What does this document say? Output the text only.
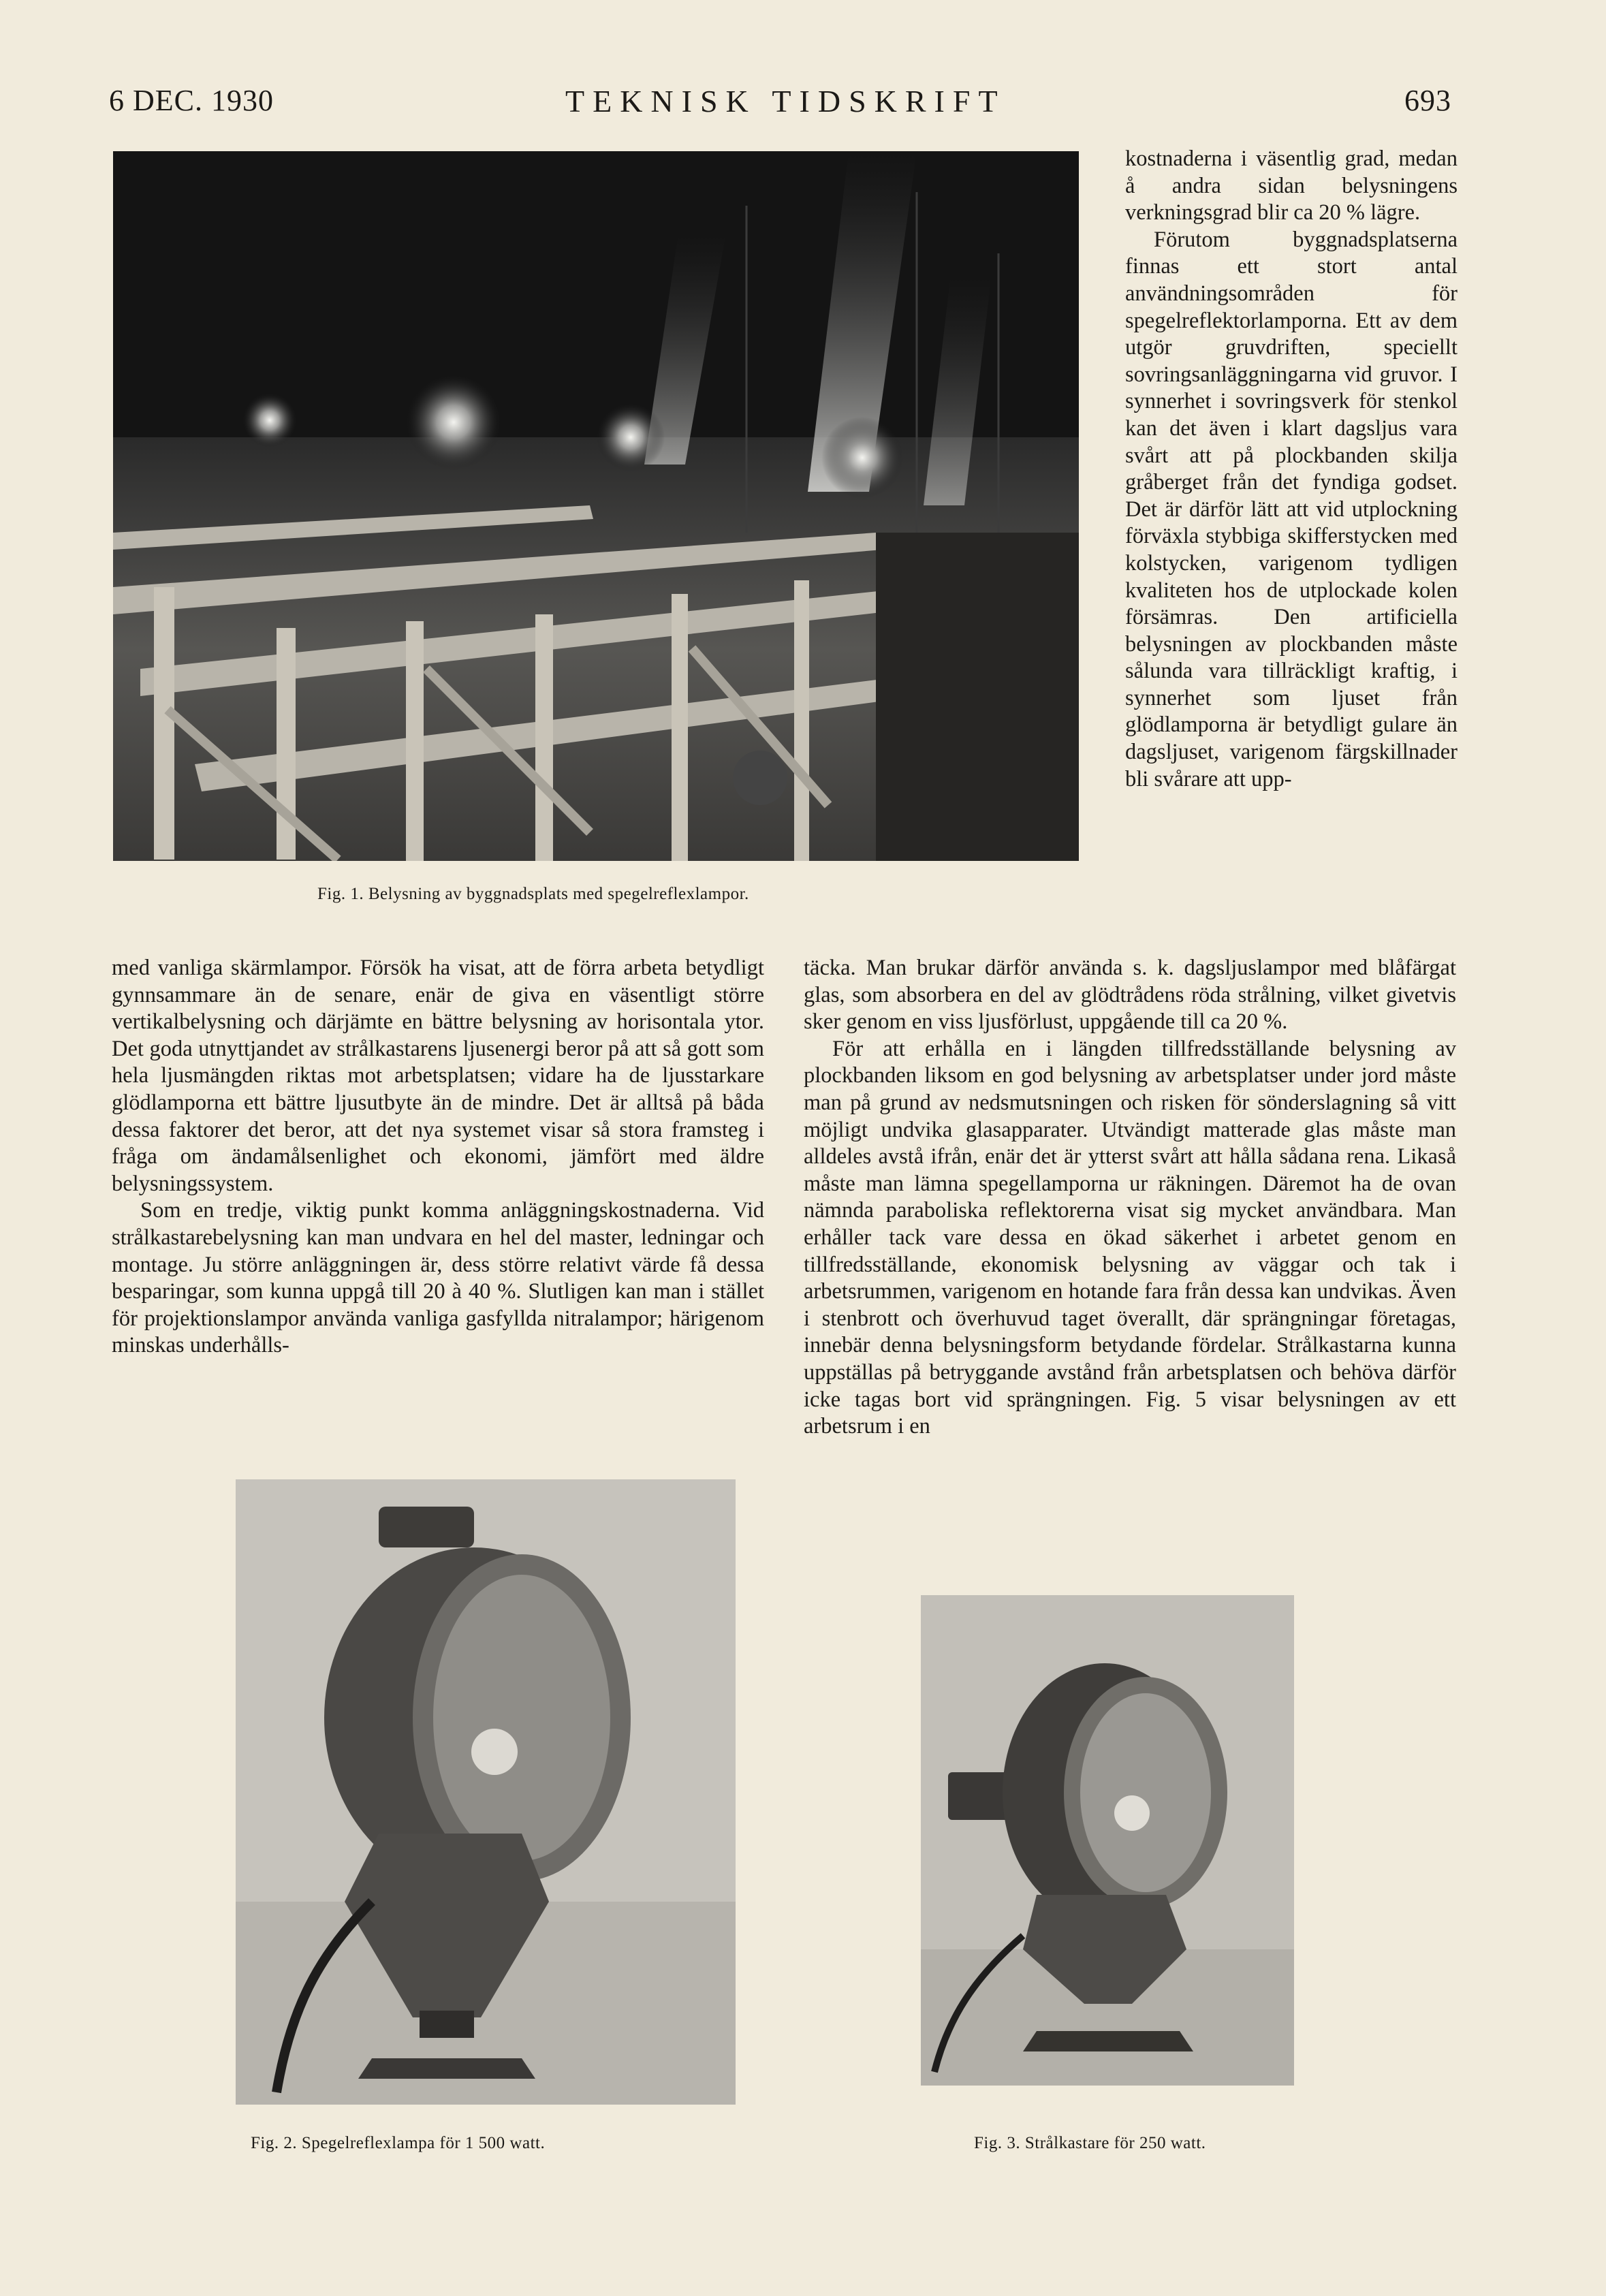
6 DEC. 1930	TEKNISK TIDSKRIFT	693
Fig. 1. Belysning av byggnadsplats med spegelreflexlampor.

kostnaderna i väsentlig grad, medan å andra sidan belysningens verkningsgrad blir ca 20 % lägre.

Förutom byggnadsplatserna finnas ett stort antal användningsområden för spegelreflektorlamporna. Ett av dem utgör gruvdriften, speciellt sovringsanläggningarna vid gruvor. I synnerhet i sovringsverk för stenkol kan det även i klart dagsljus vara svårt att på plockbanden skilja gråberget från det fyndiga godset. Det är därför lätt att vid utplockning förväxla stybbiga skifferstycken med kolstycken, varigenom tydligen kvaliteten hos de utplockade kolen försämras. Den artificiella belysningen av plockbanden måste sålunda vara tillräckligt kraftig, i synnerhet som ljuset från glödlamporna är betydligt gulare än dagsljuset, varigenom färgskillnader bli svårare att upp-

med vanliga skärmlampor. Försök ha visat, att de förra arbeta betydligt gynnsammare än de senare, enär de giva en väsentligt större vertikalbelysning och därjämte en bättre belysning av horisontala ytor. Det goda utnyttjandet av strålkastarens ljusenergi beror på att så gott som hela ljusmängden riktas mot arbetsplatsen; vidare ha de ljusstarkare glödlamporna ett bättre ljusutbyte än de mindre. Det är alltså på båda dessa faktorer det beror, att det nya systemet visar så stora framsteg i fråga om ändamålsenlighet och ekonomi, jämfört med äldre belysningssystem.

Som en tredje, viktig punkt komma anläggningskostnaderna. Vid strålkastarebelysning kan man undvara en hel del master, ledningar och montage. Ju större anläggningen är, dess större relativt värde få dessa besparingar, som kunna uppgå till 20 à 40 %. Slutligen kan man i stället för projektionslampor använda vanliga gasfyllda nitralampor; härigenom minskas underhålls-

täcka. Man brukar därför använda s. k. dagsljuslampor med blåfärgat glas, som absorbera en del av glödtrådens röda strålning, vilket givetvis sker genom en viss ljusförlust, uppgående till ca 20 %.

För att erhålla en i längden tillfredsställande belysning av plockbanden liksom en god belysning av arbetsplatser under jord måste man på grund av nedsmutsningen och risken för sönderslagning så vitt möjligt undvika glasapparater. Utvändigt matterade glas måste man alldeles avstå ifrån, enär det är ytterst svårt att hålla sådana rena. Likaså måste man lämna spegellamporna ur räkningen. Däremot ha de ovan nämnda paraboliska reflektorerna visat sig mycket användbara. Man erhåller tack vare dessa en ökad säkerhet i arbetet genom en tillfredsställande, ekonomisk belysning av väggar och tak i arbetsrummen, varigenom en hotande fara från dessa kan undvikas. Även i stenbrott och överhuvud taget överallt, där sprängningar företagas, innebär denna belysningsform betydande fördelar. Strålkastarna kunna uppställas på betryggande avstånd från arbetsplatsen och behöva därför icke tagas bort vid sprängningen. Fig. 5 visar belysningen av ett arbetsrum i en

Fig. 2. Spegelreflexlampa för 1 500 watt.	Fig. 3. Strålkastare för 250 watt.
